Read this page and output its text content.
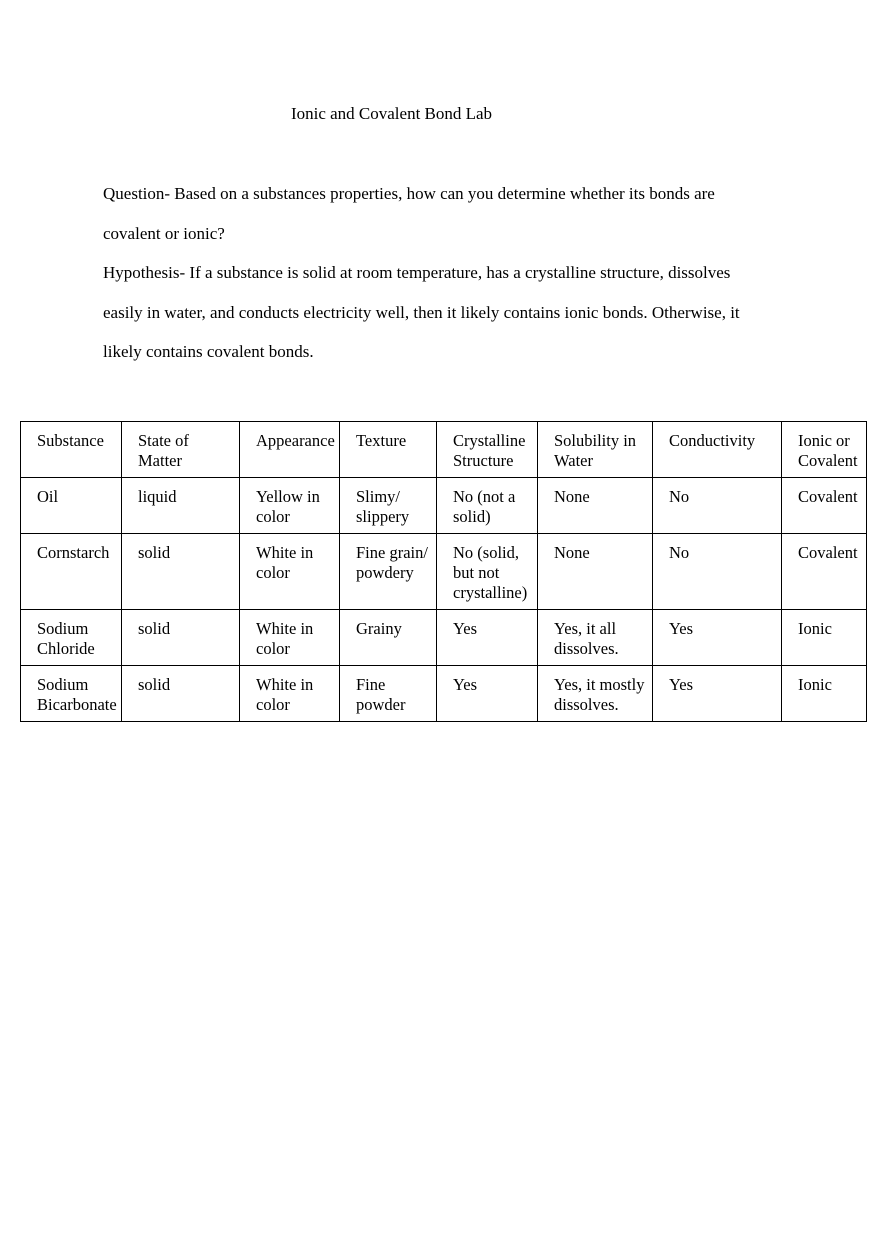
Ionic and Covalent Bond Lab

Question- Based on a substances properties, how can you determine whether its bonds are covalent or ionic?

Hypothesis- If a substance is solid at room temperature, has a crystalline structure, dissolves easily in water, and conducts electricity well, then it likely contains ionic bonds. Otherwise, it likely contains covalent bonds.

Substance	State of Matter	Appearance	Texture	Crystalline Structure	Solubility in Water	Conductivity	Ionic or Covalent
Oil	liquid	Yellow in color	Slimy/ slippery	No (not a solid)	None	No	Covalent
Cornstarch	solid	White in color	Fine grain/powdery	No (solid, but not crystalline)	None	No	Covalent
Sodium Chloride	solid	White in color	Grainy	Yes	Yes, it all dissolves.	Yes	Ionic
Sodium Bicarbonate	solid	White in color	Fine powder	Yes	Yes, it mostly dissolves.	Yes	Ionic
